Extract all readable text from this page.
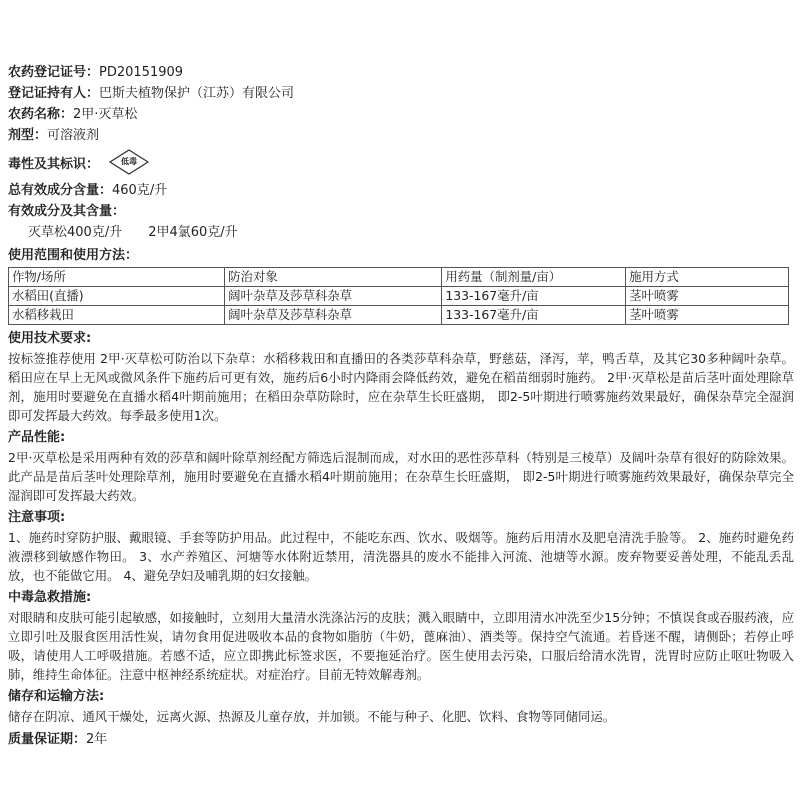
农药登记证号：PD20151909
登记证持有人：巴斯夫植物保护（江苏）有限公司
农药名称：2甲·灭草松
剂型：可溶液剂
毒性及其标识：	低毒
总有效成分含量：460克/升
有效成分及其含量：
灭草松400克/升 2甲4氯60克/升
使用范围和使用方法：
作物/场所	防治对象	用药量（制剂量/亩）	施用方式
水稻田(直播)	阔叶杂草及莎草科杂草	133-167毫升/亩	茎叶喷雾
水稻移栽田	阔叶杂草及莎草科杂草	133-167毫升/亩	茎叶喷雾
使用技术要求:
按标签推荐使用 2甲·灭草松可防治以下杂草：水稻移栽田和直播田的各类莎草科杂草，野慈菇，泽泻，苹，鸭舌草，及其它30多种阔叶杂草。 稻田应在早上无风或微风条件下施药后可更有效，施药后6小时内降雨会降低药效，避免在稻苗细弱时施药。 2甲·灭草松是苗后茎叶面处理除草剂，施用时要避免在直播水稻4叶期前施用；在稻田杂草防除时，应在杂草生长旺盛期， 即2-5叶期进行喷雾施药效果最好，确保杂草完全湿润即可发挥最大药效。每季最多使用1次。
产品性能:
2甲·灭草松是采用两种有效的莎草和阔叶除草剂经配方筛选后混制而成，对水田的恶性莎草科（特别是三棱草）及阔叶杂草有很好的防除效果。此产品是苗后茎叶处理除草剂，施用时要避免在直播水稻4叶期前施用；在杂草生长旺盛期， 即2-5叶期进行喷雾施药效果最好，确保杂草完全湿润即可发挥最大药效。
注意事项:
1、施药时穿防护服、戴眼镜、手套等防护用品。此过程中，不能吃东西、饮水、吸烟等。施药后用清水及肥皂清洗手脸等。 2、施药时避免药液漂移到敏感作物田。 3、水产养殖区、河塘等水体附近禁用，清洗器具的废水不能排入河流、池塘等水源。废弃物要妥善处理，不能乱丢乱放，也不能做它用。 4、避免孕妇及哺乳期的妇女接触。
中毒急救措施:
对眼睛和皮肤可能引起敏感，如接触时，立刻用大量清水洗涤沾污的皮肤；溅入眼睛中，立即用清水冲洗至少15分钟；不慎误食或吞服药液，应立即引吐及服食医用活性炭，请勿食用促进吸收本品的食物如脂肪（牛奶，蓖麻油）、酒类等。保持空气流通。若昏迷不醒，请侧卧；若停止呼吸，请使用人工呼吸措施。若感不适，应立即携此标签求医，不要拖延治疗。医生使用去污染，口服后给清水洗胃，洗胃时应防止呕吐物吸入肺，维持生命体征。注意中枢神经系统症状。对症治疗。目前无特效解毒剂。
储存和运输方法:
储存在阴凉、通风干燥处，远离火源、热源及儿童存放，并加锁。不能与种子、化肥、饮料、食物等同储同运。
质量保证期：2年
